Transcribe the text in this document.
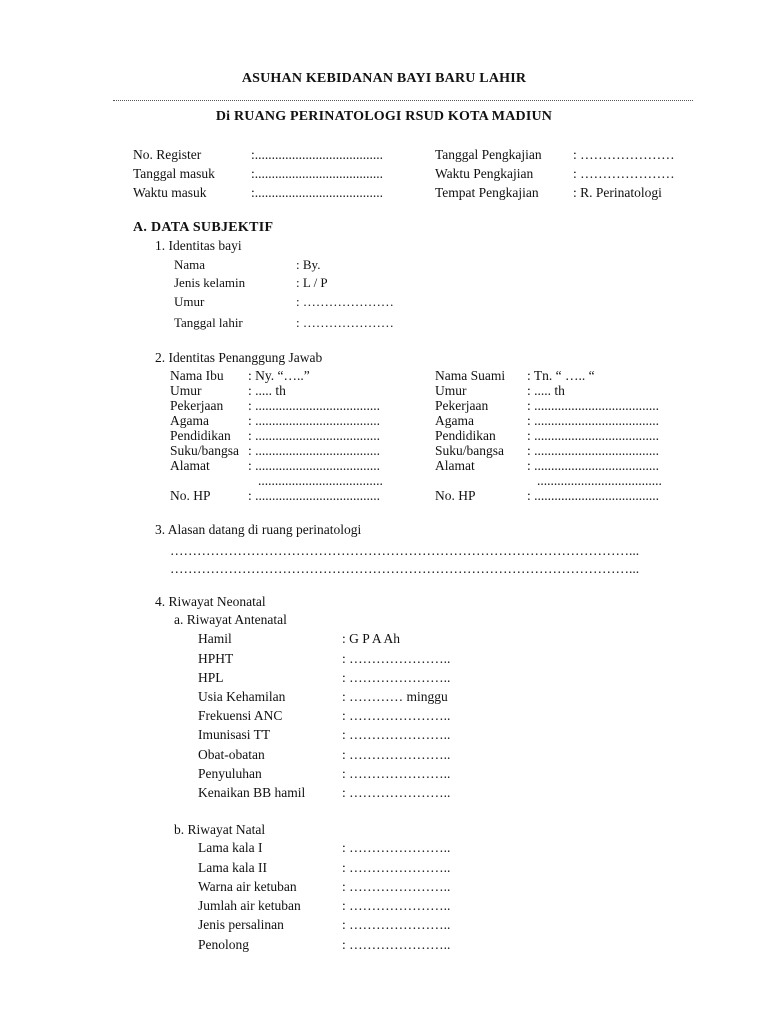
ASUHAN KEBIDANAN BAYI BARU LAHIR
Di RUANG PERINATOLOGI RSUD KOTA MADIUN
No. Register	:......................................
Tanggal masuk	:......................................
Waktu masuk	:......................................
Tanggal Pengkajian : …………………
Waktu Pengkajian	: …………………
Tempat Pengkajian	: R. Perinatologi
A. DATA SUBJEKTIF
1. Identitas bayi
Nama	: By.
Jenis kelamin	: L / P
Umur	: …………………
Tanggal lahir	: …………………
2. Identitas Penanggung Jawab
Nama Ibu : Ny. “…..”
Umur	: ..... th
Pekerjaan : .....................................
Agama	: .....................................
Pendidikan : .....................................
Suku/bangsa : .....................................
Alamat	: .....................................
.....................................
No. HP	: .....................................
Nama Suami : Tn. “ ….. “
Umur	: ..... th
Pekerjaan	: .....................................
Agama	: .....................................
Pendidikan : .....................................
Suku/bangsa : .....................................
Alamat	: .....................................
.....................................
No. HP	: .....................................
3. Alasan datang di ruang perinatologi
…………………………………………………………………………………………...
…………………………………………………………………………………………...
4. Riwayat Neonatal
a. Riwayat Antenatal
Hamil	: G P A Ah
HPHT	: …………………..
HPL	: …………………..
Usia Kehamilan	: ………… minggu
Frekuensi ANC	: …………………..
Imunisasi TT	: …………………..
Obat-obatan	: …………………..
Penyuluhan	: …………………..
Kenaikan BB hamil	: …………………..
b. Riwayat Natal
Lama kala I	: …………………..
Lama kala II	: …………………..
Warna air ketuban	: …………………..
Jumlah air ketuban	: …………………..
Jenis persalinan	: …………………..
Penolong	: …………………..
